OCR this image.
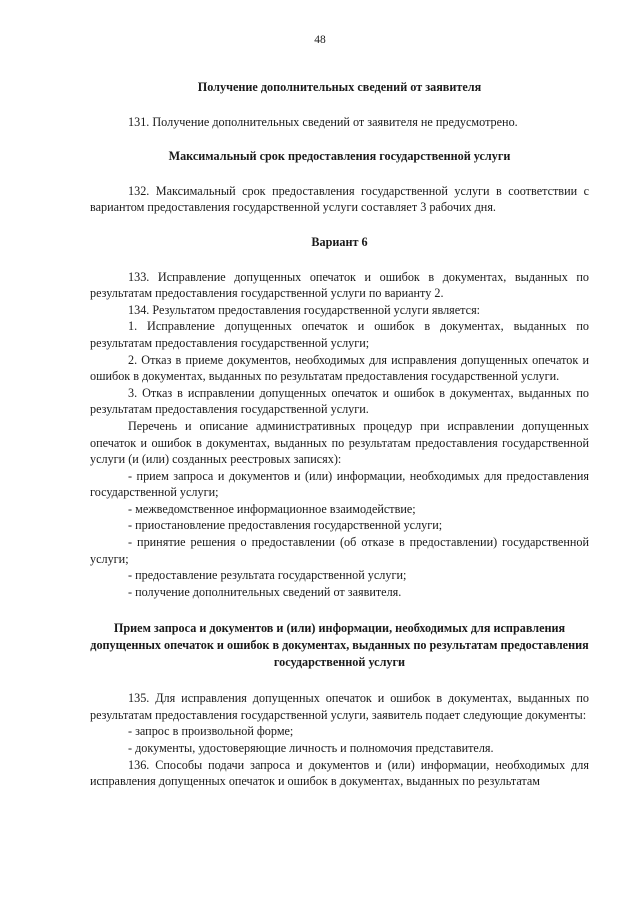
48

Получение дополнительных сведений от заявителя

131. Получение дополнительных сведений от заявителя не предусмотрено.

Максимальный срок предоставления государственной услуги

132. Максимальный срок предоставления государственной услуги в соответствии с вариантом предоставления государственной услуги составляет 3 рабочих дня.

Вариант 6

133. Исправление допущенных опечаток и ошибок в документах, выданных по результатам предоставления государственной услуги по варианту 2.

134. Результатом предоставления государственной услуги является:

1. Исправление допущенных опечаток и ошибок в документах, выданных по результатам предоставления государственной услуги;

2. Отказ в приеме документов, необходимых для исправления допущенных опечаток и ошибок в документах, выданных по результатам предоставления государственной услуги.

3. Отказ в исправлении допущенных опечаток и ошибок в документах, выданных по результатам предоставления государственной услуги.

Перечень и описание административных процедур при исправлении допущенных опечаток и ошибок в документах, выданных по результатам предоставления государственной услуги (и (или) созданных реестровых записях):

- прием запроса и документов и (или) информации, необходимых для предоставления государственной услуги;

- межведомственное информационное взаимодействие;

- приостановление предоставления государственной услуги;

- принятие решения о предоставлении (об отказе в предоставлении) государственной услуги;

- предоставление результата государственной услуги;

- получение дополнительных сведений от заявителя.

Прием запроса и документов и (или) информации, необходимых для исправления допущенных опечаток и ошибок в документах, выданных по результатам предоставления государственной услуги

135. Для исправления допущенных опечаток и ошибок в документах, выданных по результатам предоставления государственной услуги, заявитель подает следующие документы:

- запрос в произвольной форме;

- документы, удостоверяющие личность и полномочия представителя.

136. Способы подачи запроса и документов и (или) информации, необходимых для исправления допущенных опечаток и ошибок в документах, выданных по результатам
